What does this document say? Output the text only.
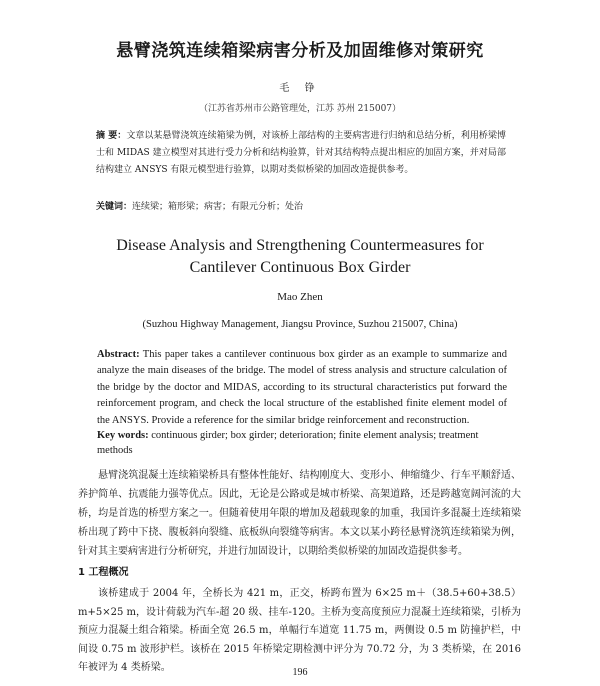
悬臂浇筑连续箱梁病害分析及加固维修对策研究
毛 铮
（江苏省苏州市公路管理处，江苏 苏州 215007）
摘 要：文章以某悬臂浇筑连续箱梁为例，对该桥上部结构的主要病害进行归纳和总结分析，利用桥梁博士和 MIDAS 建立模型对其进行受力分析和结构验算，针对其结构特点提出相应的加固方案，并对局部结构建立 ANSYS 有限元模型进行验算，以期对类似桥梁的加固改造提供参考。
关键词：连续梁；箱形梁；病害；有限元分析；处治
Disease Analysis and Strengthening Countermeasures for
Cantilever Continuous Box Girder
Mao Zhen
(Suzhou Highway Management, Jiangsu Province, Suzhou 215007, China)
Abstract: This paper takes a cantilever continuous box girder as an example to summarize and analyze the main diseases of the bridge. The model of stress analysis and structure calculation of the bridge by the doctor and MIDAS, according to its structural characteristics put forward the reinforcement program, and check the local structure of the established finite element model of the ANSYS. Provide a reference for the similar bridge reinforcement and reconstruction.
Key words: continuous girder; box girder; deterioration; finite element analysis; treatment methods
悬臂浇筑混凝土连续箱梁桥具有整体性能好、结构刚度大、变形小、伸缩缝少、行车平顺舒适、养护简单、抗震能力强等优点。因此，无论是公路或是城市桥梁、高架道路，还是跨越宽阔河流的大桥，均是首选的桥型方案之一。但随着使用年限的增加及超载现象的加重，我国许多混凝土连续箱梁桥出现了跨中下挠、腹板斜向裂缝、底板纵向裂缝等病害。本文以某小跨径悬臂浇筑连续箱梁为例，针对其主要病害进行分析研究，并进行加固设计，以期给类似桥梁的加固改造提供参考。
1 工程概况
该桥建成于 2004 年，全桥长为 421 m，正交，桥跨布置为 6×25 m＋（38.5+60+38.5）m+5×25 m，设计荷载为汽车-超 20 级、挂车-120。主桥为变高度预应力混凝土连续箱梁，引桥为预应力混凝土组合箱梁。桥面全宽 26.5 m，单幅行车道宽 11.75 m，两侧设 0.5 m 防撞护栏，中间设 0.75 m 波形护栏。该桥在 2015 年桥梁定期检测中评分为 70.72 分，为 3 类桥梁，在 2016 年被评为 4 类桥梁。	196
